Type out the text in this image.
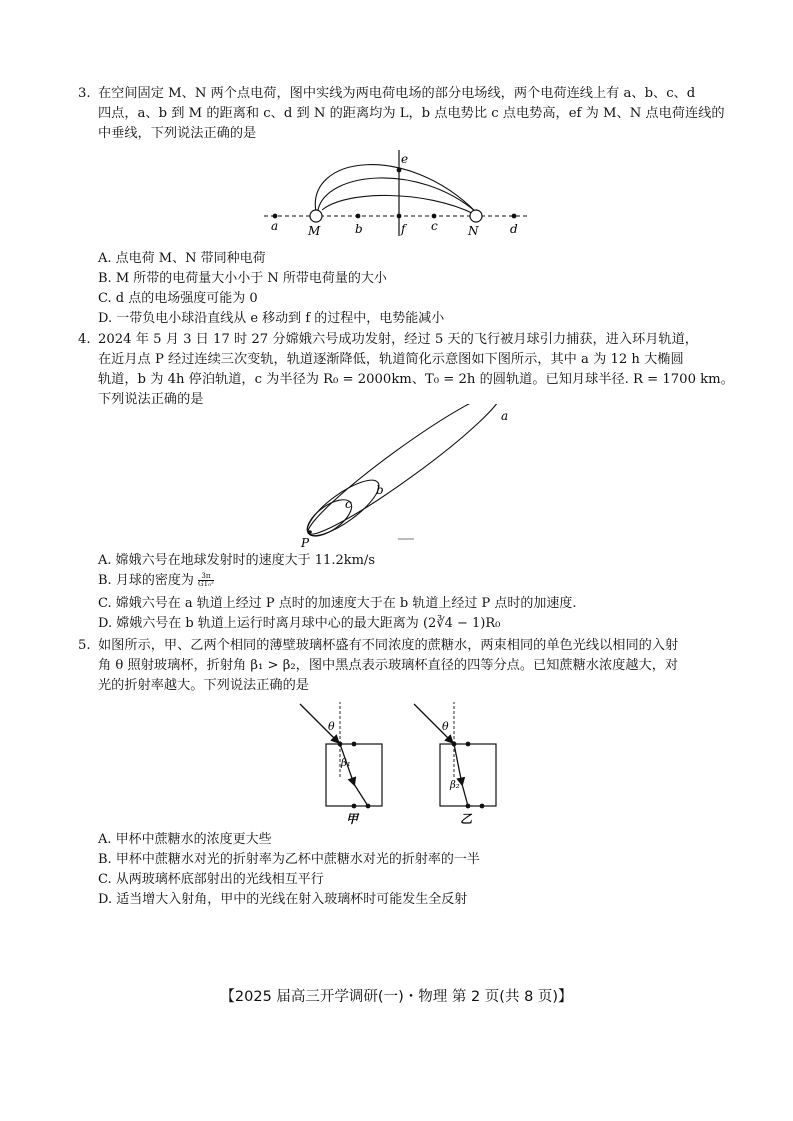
3. 在空间固定 M、N 两个点电荷，图中实线为两电荷电场的部分电场线，两个电荷连线上有 a、b、c、d
四点，a、b 到 M 的距离和 c、d 到 N 的距离均为 L，b 点电势比 c 点电势高，ef 为 M、N 点电荷连线的
中垂线，下列说法正确的是
e
a M	b	f c	N	d
A. 点电荷 M、N 带同种电荷
B. M 所带的电荷量大小小于 N 所带电荷量的大小
C. d 点的电场强度可能为 0
D. 一带负电小球沿直线从 e 移动到 f 的过程中，电势能减小
4. 2024 年 5 月 3 日 17 时 27 分嫦娥六号成功发射，经过 5 天的飞行被月球引力捕获，进入环月轨道，
在近月点 P 经过连续三次变轨，轨道逐渐降低，轨道简化示意图如下图所示，其中 a 为 12 h 大椭圆
轨道，b 为 4h 停泊轨道，c 为半径为 R₀ = 2000km、T₀ = 2h 的圆轨道。已知月球半径. R = 1700 km。
下列说法正确的是
a
b
c
P
A. 嫦娥六号在地球发射时的速度大于 11.2km/s
B. 月球的密度为 $\frac{3\pi}{\text{GT₀²}}$
C. 嫦娥六号在 a 轨道上经过 P 点时的加速度大于在 b 轨道上经过 P 点时的加速度.
D. 嫦娥六号在 b 轨道上运行时离月球中心的最大距离为 (2∛4 − 1)R₀
5. 如图所示，甲、乙两个相同的薄壁玻璃杯盛有不同浓度的蔗糖水，两束相同的单色光线以相同的入射
角 θ 照射玻璃杯，折射角 β₁ > β₂，图中黑点表示玻璃杯直径的四等分点。已知蔗糖水浓度越大，对
光的折射率越大。下列说法正确的是
θ
β₁
甲
θ
β₂
乙
A. 甲杯中蔗糖水的浓度更大些
B. 甲杯中蔗糖水对光的折射率为乙杯中蔗糖水对光的折射率的一半
C. 从两玻璃杯底部射出的光线相互平行
D. 适当增大入射角，甲中的光线在射入玻璃杯时可能发生全反射
【2025 届高三开学调研(一)・物理 第 2 页(共 8 页)】
